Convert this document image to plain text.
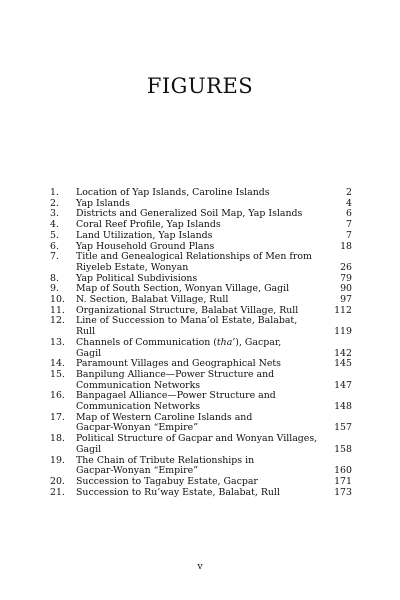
FIGURES
1.	Location of Yap Islands, Caroline Islands	2
2.	Yap Islands	4
3.	Districts and Generalized Soil Map, Yap Islands	6
4.	Coral Reef Profile, Yap Islands	7
5.	Land Utilization, Yap Islands	7
6.	Yap Household Ground Plans	18
7.	Title and Genealogical Relationships of Men from
Riyeleb Estate, Wonyan	26
8.	Yap Political Subdivisions	79
9.	Map of South Section, Wonyan Village, Gagil	90
10.	N. Section, Balabat Village, Rull	97
11.	Organizational Structure, Balabat Village, Rull	112
12.	Line of Succession to Mana’ol Estate, Balabat,
Rull	119
13.	Channels of Communication (tha’), Gacpar,
Gagil	142
14.	Paramount Villages and Geographical Nets	145
15.	Banpilung Alliance—Power Structure and
Communication Networks	147
16.	Banpagael Alliance—Power Structure and
Communication Networks	148
17.	Map of Western Caroline Islands and
Gacpar-Wonyan “Empire”	157
18.	Political Structure of Gacpar and Wonyan Villages,
Gagil	158
19.	The Chain of Tribute Relationships in
Gacpar-Wonyan “Empire”	160
20.	Succession to Tagabuy Estate, Gacpar	171
21.	Succession to Ru’way Estate, Balabat, Rull	173
v
